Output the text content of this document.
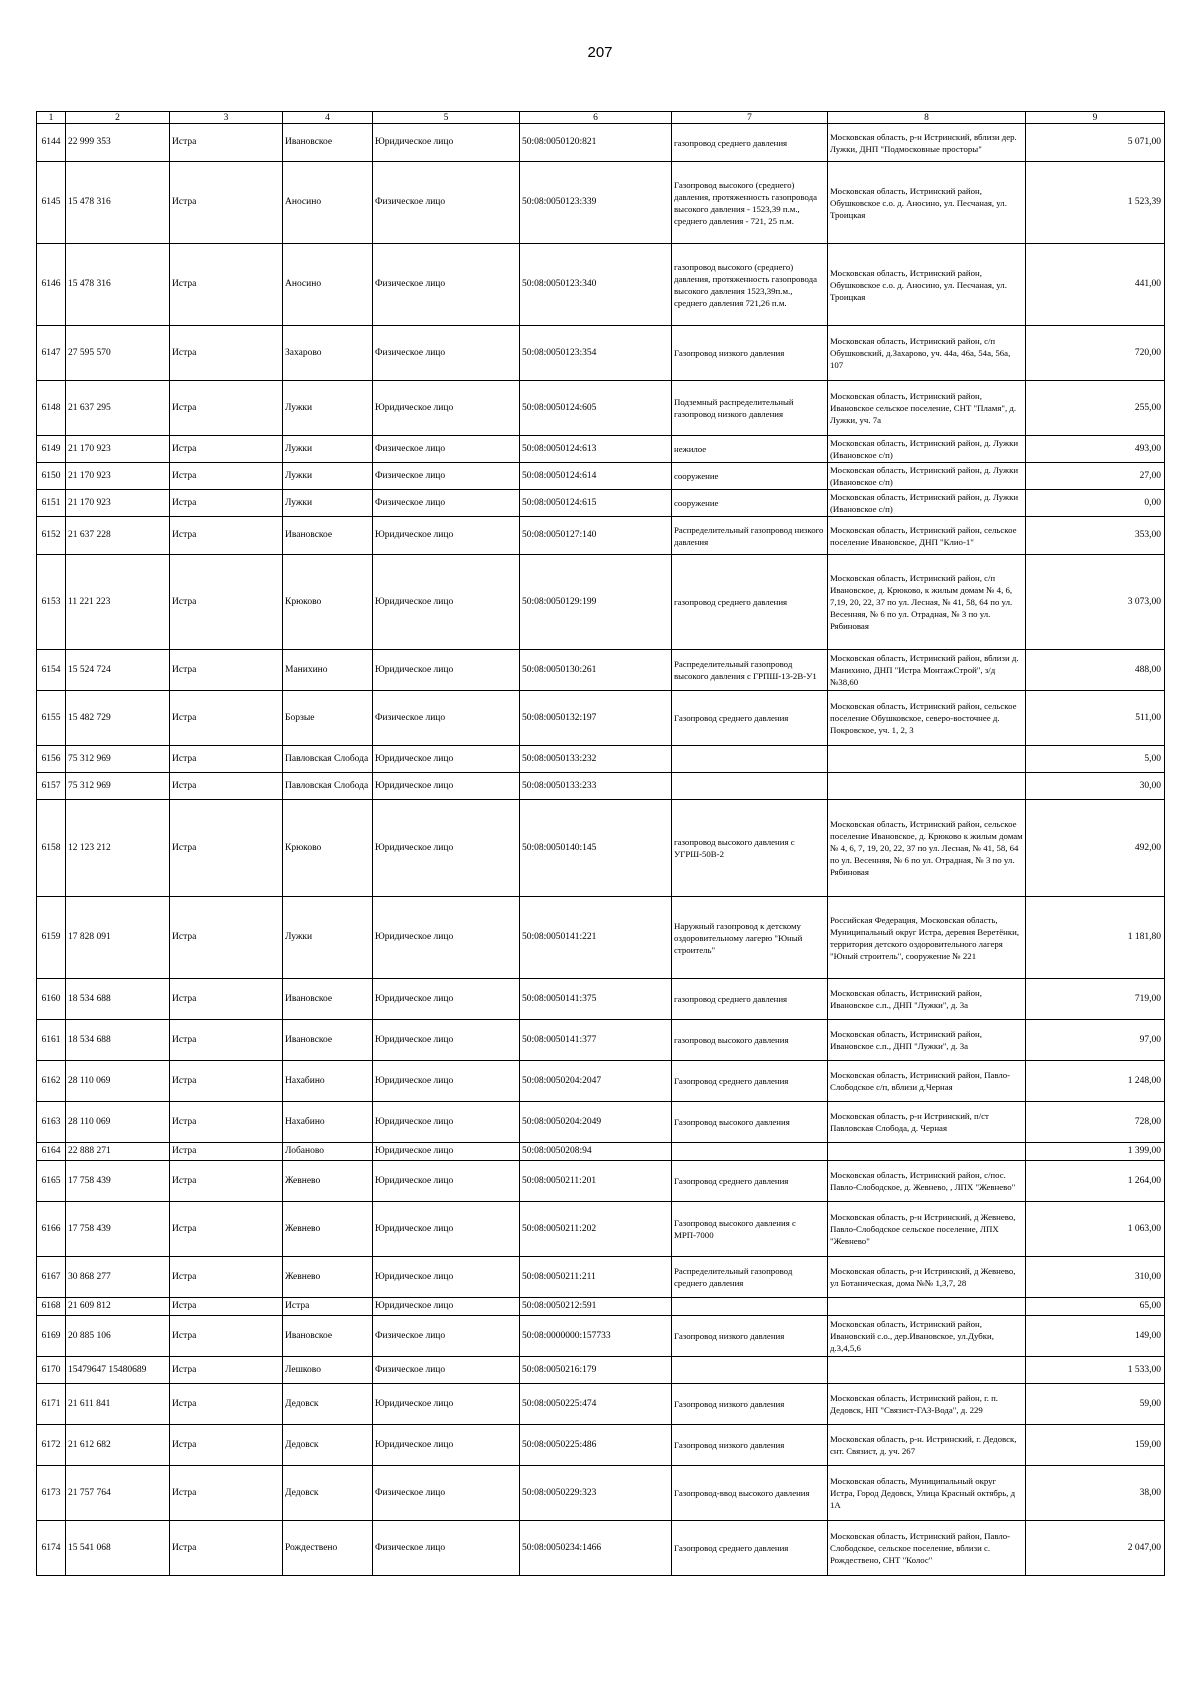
207
1	2	3	4	5	6	7	8	9
6144	22 999 353	Истра	Ивановское	Юридическое лицо	50:08:0050120:821	газопровод среднего давления	Московская область, р-н Истринский, вблизи дер. Лужки, ДНП "Подмосковные просторы"	5 071,00
6145	15 478 316	Истра	Аносино	Физическое лицо	50:08:0050123:339	Газопровод высокого (среднего) давления, протяженность газопровода высокого давления - 1523,39 п.м., среднего давления - 721, 25 п.м.	Московская область, Истринский район, Обушковское с.о. д. Аносино, ул. Песчаная, ул. Троицкая	1 523,39
6146	15 478 316	Истра	Аносино	Физическое лицо	50:08:0050123:340	газопровод высокого (среднего) давления, протяженность газопровода высокого давления 1523,39п.м., среднего давления 721,26 п.м.	Московская область, Истринский район, Обушковское с.о. д. Аносино, ул. Песчаная, ул. Троицкая	441,00
6147	27 595 570	Истра	Захарово	Физическое лицо	50:08:0050123:354	Газопровод низкого давления	Московская область, Истринский район, с/п Обушковский, д.Захарово, уч. 44а, 46а, 54а, 56а, 107	720,00
6148	21 637 295	Истра	Лужки	Юридическое лицо	50:08:0050124:605	Подземный распределительный газопровод низкого давления	Московская область, Истринский район, Ивановское сельское поселение, СНТ "Пламя", д. Лужки, уч. 7а	255,00
6149	21 170 923	Истра	Лужки	Физическое лицо	50:08:0050124:613	нежилое	Московская область, Истринский район, д. Лужки (Ивановское с/п)	493,00
6150	21 170 923	Истра	Лужки	Физическое лицо	50:08:0050124:614	сооружение	Московская область, Истринский район, д. Лужки (Ивановское с/п)	27,00
6151	21 170 923	Истра	Лужки	Физическое лицо	50:08:0050124:615	сооружение	Московская область, Истринский район, д. Лужки (Ивановское с/п)	0,00
6152	21 637 228	Истра	Ивановское	Юридическое лицо	50:08:0050127:140	Распределительный газопровод низкого давления	Московская область, Истринский район, сельское поселение Ивановское, ДНП "Клио-1"	353,00
6153	11 221 223	Истра	Крюково	Юридическое лицо	50:08:0050129:199	газопровод среднего давления	Московская область, Истринский район, с/п Ивановское, д. Крюково, к жилым домам № 4, 6, 7,19, 20, 22, 37 по ул. Лесная, № 41, 58, 64 по ул. Весенняя, № 6 по ул. Отрадная, № 3 по ул. Рябиновая	3 073,00
6154	15 524 724	Истра	Манихино	Юридическое лицо	50:08:0050130:261	Распределительный газопровод высокого давления с ГРПШ-13-2В-У1	Московская область, Истринский район, вблизи д. Манихино, ДНП "Истра МонтажСтрой", з/д №38,60	488,00
6155	15 482 729	Истра	Борзые	Физическое лицо	50:08:0050132:197	Газопровод среднего давления	Московская область, Истринский район, сельское поселение Обушковское, северо-восточнее д. Покровское, уч. 1, 2, 3	511,00
6156	75 312 969	Истра	Павловская Слобода	Юридическое лицо	50:08:0050133:232			5,00
6157	75 312 969	Истра	Павловская Слобода	Юридическое лицо	50:08:0050133:233			30,00
6158	12 123 212	Истра	Крюково	Юридическое лицо	50:08:0050140:145	газопровод высокого давления с УГРШ-50В-2	Московская область, Истринский район, сельское поселение Ивановское, д. Крюково к жилым домам № 4, 6, 7, 19, 20, 22, 37 по ул. Лесная, № 41, 58, 64 по ул. Весенняя, № 6 по ул. Отрадная, № 3 по ул. Рябиновая	492,00
6159	17 828 091	Истра	Лужки	Юридическое лицо	50:08:0050141:221	Наружный газопровод к детскому оздоровительному лагерю "Юный строитель"	Российская Федерация, Московская область, Муниципальный округ Истра, деревня Веретёнки, территория детского оздоровительного лагеря "Юный строитель", сооружение № 221	1 181,80
6160	18 534 688	Истра	Ивановское	Юридическое лицо	50:08:0050141:375	газопровод среднего давления	Московская область, Истринский район, Ивановское с.п., ДНП "Лужки", д. 3а	719,00
6161	18 534 688	Истра	Ивановское	Юридическое лицо	50:08:0050141:377	газопровод высокого давления	Московская область, Истринский район, Ивановское с.п., ДНП "Лужки", д. 3а	97,00
6162	28 110 069	Истра	Нахабино	Юридическое лицо	50:08:0050204:2047	Газопровод среднего давления	Московская область, Истринский район, Павло-Слободское с/п, вблизи д.Черная	1 248,00
6163	28 110 069	Истра	Нахабино	Юридическое лицо	50:08:0050204:2049	Газопровод высокого давления	Московская область, р-н Истринский, п/ст Павловская Слобода, д. Черная	728,00
6164	22 888 271	Истра	Лобаново	Юридическое лицо	50:08:0050208:94			1 399,00
6165	17 758 439	Истра	Жевнево	Юридическое лицо	50:08:0050211:201	Газопровод среднего давления	Московская область, Истринский район, с/пос. Павло-Слободское, д. Жевнево, , ЛПХ "Жевнево"	1 264,00
6166	17 758 439	Истра	Жевнево	Юридическое лицо	50:08:0050211:202	Газопровод высокого давления с МРП-7000	Московская область, р-н Истринский, д Жевнево, Павло-Слободское сельское поселение, ЛПХ "Жевнево"	1 063,00
6167	30 868 277	Истра	Жевнево	Юридическое лицо	50:08:0050211:211	Распределительный газопровод среднего давления	Московская область, р-н Истринский, д Жевнево, ул Ботаническая, дома №№ 1,3,7, 28	310,00
6168	21 609 812	Истра	Истра	Юридическое лицо	50:08:0050212:591			65,00
6169	20 885 106	Истра	Ивановское	Физическое лицо	50:08:0000000:157733	Газопровод низкого давления	Московская область, Истринский район, Ивановский с.о., дер.Ивановское, ул.Дубки, д.3,4,5,6	149,00
6170	15479647 15480689	Истра	Лешково	Физическое лицо	50:08:0050216:179			1 533,00
6171	21 611 841	Истра	Дедовск	Юридическое лицо	50:08:0050225:474	Газопровод низкого давления	Московская область, Истринский район, г. п. Дедовск, НП "Связист-ГАЗ-Вода", д. 229	59,00
6172	21 612 682	Истра	Дедовск	Юридическое лицо	50:08:0050225:486	Газопровод низкого давления	Московская область, р-н. Истринский, г. Дедовск, снт. Связист, д. уч. 267	159,00
6173	21 757 764	Истра	Дедовск	Физическое лицо	50:08:0050229:323	Газопровод-ввод высокого давления	Московская область, Муниципальный округ Истра, Город Дедовск, Улица Красный октябрь, д 1А	38,00
6174	15 541 068	Истра	Рождествено	Физическое лицо	50:08:0050234:1466	Газопровод среднего давления	Московская область, Истринский район, Павло-Слободское, сельское поселение, вблизи с. Рождествено, СНТ "Колос"	2 047,00
